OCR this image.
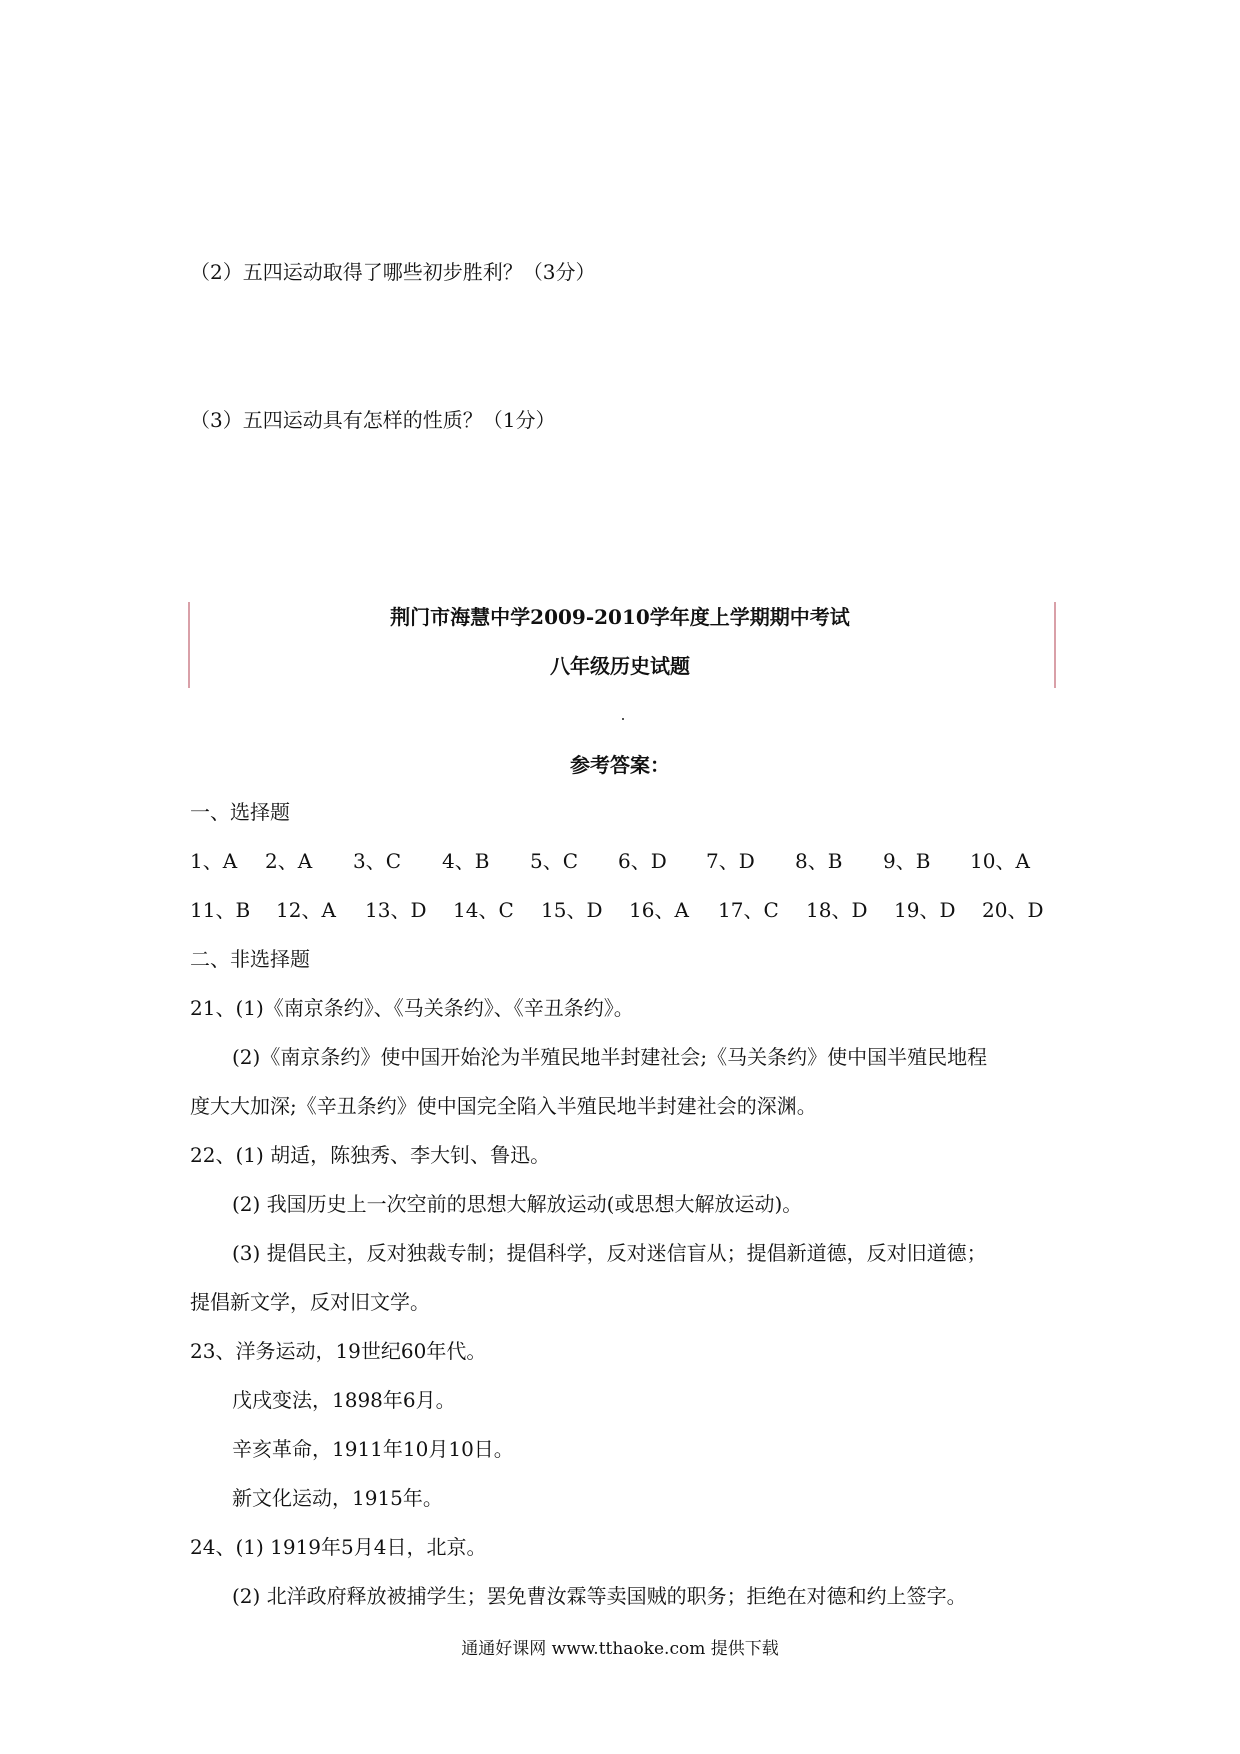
（2）五四运动取得了哪些初步胜利？（3分）
（3）五四运动具有怎样的性质？（1分）
荆门市海慧中学2009-2010学年度上学期期中考试
八年级历史试题
参考答案：
一、选择题
1、A 2、A 3、C 4、B 5、C 6、D 7、D 8、B 9、B 10、A
11、B 12、A 13、D 14、C 15、D 16、A 17、C 18、D 19、D 20、D
二、非选择题
21、(1)《南京条约》、《马关条约》、《辛丑条约》。
(2)《南京条约》使中国开始沦为半殖民地半封建社会;《马关条约》使中国半殖民地程
度大大加深;《辛丑条约》使中国完全陷入半殖民地半封建社会的深渊。
22、(1) 胡适，陈独秀、李大钊、鲁迅。
(2) 我国历史上一次空前的思想大解放运动(或思想大解放运动)。
(3) 提倡民主，反对独裁专制；提倡科学，反对迷信盲从；提倡新道德，反对旧道德；
提倡新文学，反对旧文学。
23、洋务运动，19世纪60年代。
戊戌变法，1898年6月。
辛亥革命，1911年10月10日。
新文化运动，1915年。
24、(1) 1919年5月4日，北京。
(2) 北洋政府释放被捕学生；罢免曹汝霖等卖国贼的职务；拒绝在对德和约上签字。
通通好课网 www.tthaoke.com 提供下载
